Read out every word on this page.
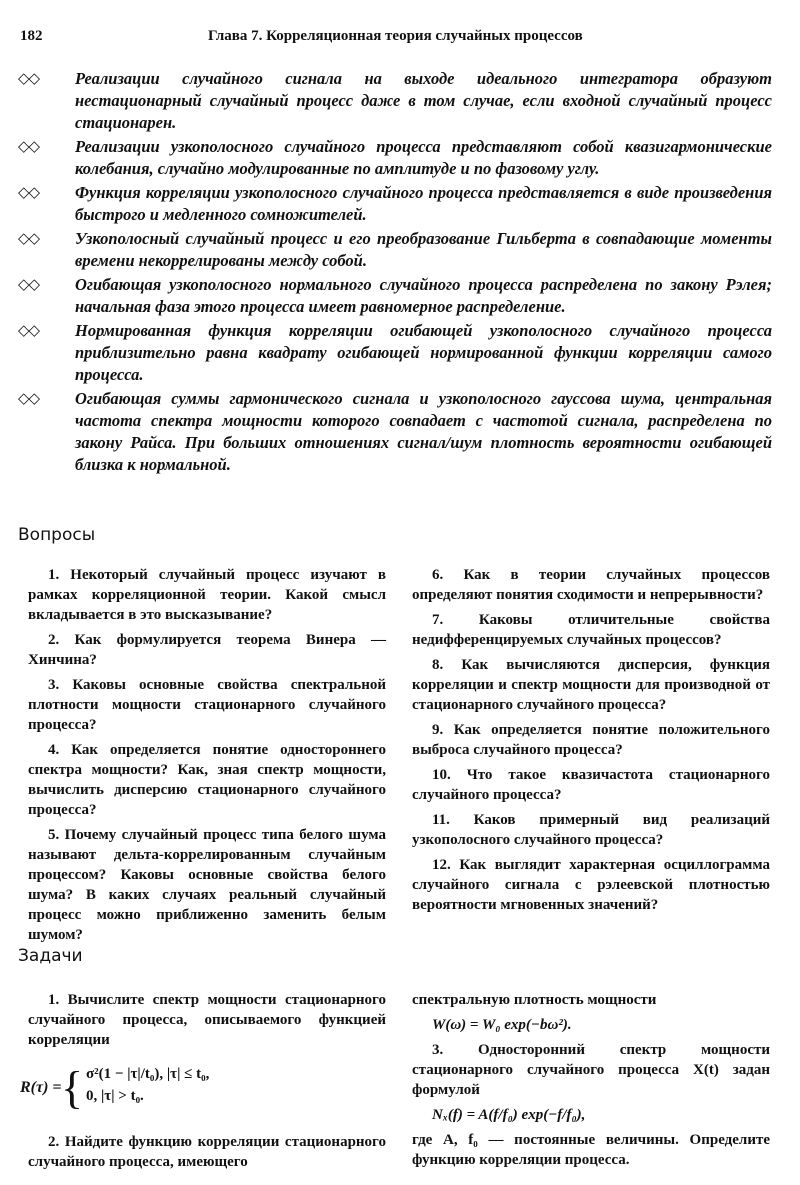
182	Глава 7. Корреляционная теория случайных процессов
◇◇ Реализации случайного сигнала на выходе идеального интегратора образуют нестационарный случайный процесс даже в том случае, если входной случайный процесс стационарен.
◇◇ Реализации узкополосного случайного процесса представляют собой квазигармонические колебания, случайно модулированные по амплитуде и по фазовому углу.
◇◇ Функция корреляции узкополосного случайного процесса представляется в виде произведения быстрого и медленного сомножителей.
◇◇ Узкополосный случайный процесс и его преобразование Гильберта в совпадающие моменты времени некоррелированы между собой.
◇◇ Огибающая узкополосного нормального случайного процесса распределена по закону Рэлея; начальная фаза этого процесса имеет равномерное распределение.
◇◇ Нормированная функция корреляции огибающей узкополосного случайного процесса приблизительно равна квадрату огибающей нормированной функции корреляции самого процесса.
◇◇ Огибающая суммы гармонического сигнала и узкополосного гауссова шума, центральная частота спектра мощности которого совпадает с частотой сигнала, распределена по закону Райса. При больших отношениях сигнал/шум плотность вероятности огибающей близка к нормальной.
Вопросы

1. Некоторый случайный процесс изучают в рамках корреляционной теории. Какой смысл вкладывается в это высказывание?

2. Как формулируется теорема Винера — Хинчина?

3. Каковы основные свойства спектральной плотности мощности стационарного случайного процесса?

4. Как определяется понятие одностороннего спектра мощности? Как, зная спектр мощности, вычислить дисперсию стационарного случайного процесса?

5. Почему случайный процесс типа белого шума называют дельта-коррелированным случайным процессом? Каковы основные свойства белого шума? В каких случаях реальный случайный процесс можно приближенно заменить белым шумом?

6. Как в теории случайных процессов определяют понятия сходимости и непрерывности?

7. Каковы отличительные свойства недифференцируемых случайных процессов?

8. Как вычисляются дисперсия, функция корреляции и спектр мощности для производной от стационарного случайного процесса?

9. Как определяется понятие положительного выброса случайного процесса?

10. Что такое квазичастота стационарного случайного процесса?

11. Каков примерный вид реализаций узкополосного случайного процесса?

12. Как выглядит характерная осциллограмма случайного сигнала с рэлеевской плотностью вероятности мгновенных значений?

Задачи

1. Вычислите спектр мощности стационарного случайного процесса, описываемого функцией корреляции

R(τ) = { σ²(1 − |τ|/t₀), |τ| ≤ t₀,
0, |τ| > t₀.

2. Найдите функцию корреляции стационарного случайного процесса, имеющего

спектральную плотность мощности

W(ω) = W₀ exp(−bω²).

3. Односторонний спектр мощности стационарного случайного процесса X(t) задан формулой

Nₓ(f) = A(f/f₀) exp(−f/f₀),

где A, f₀ — постоянные величины. Определите функцию корреляции процесса.
